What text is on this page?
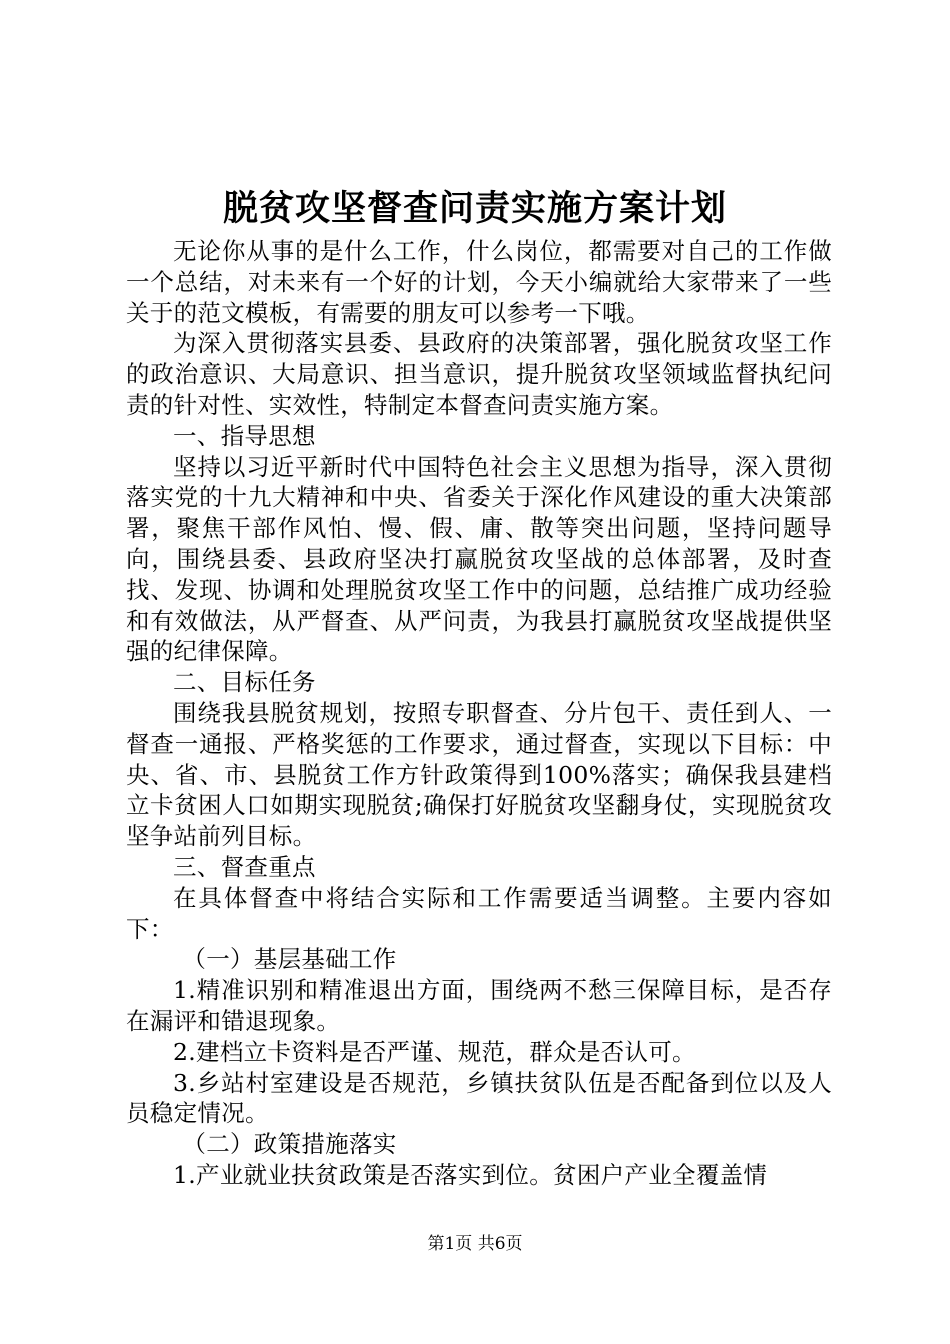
脱贫攻坚督查问责实施方案计划

无论你从事的是什么工作，什么岗位，都需要对自己的工作做一个总结，对未来有一个好的计划，今天小编就给大家带来了一些关于的范文模板，有需要的朋友可以参考一下哦。

为深入贯彻落实县委、县政府的决策部署，强化脱贫攻坚工作的政治意识、大局意识、担当意识，提升脱贫攻坚领域监督执纪问责的针对性、实效性，特制定本督查问责实施方案。

一、指导思想

坚持以习近平新时代中国特色社会主义思想为指导，深入贯彻落实党的十九大精神和中央、省委关于深化作风建设的重大决策部署，聚焦干部作风怕、慢、假、庸、散等突出问题，坚持问题导向，围绕县委、县政府坚决打赢脱贫攻坚战的总体部署，及时查找、发现、协调和处理脱贫攻坚工作中的问题，总结推广成功经验和有效做法，从严督查、从严问责，为我县打赢脱贫攻坚战提供坚强的纪律保障。

二、目标任务

围绕我县脱贫规划，按照专职督查、分片包干、责任到人、一督查一通报、严格奖惩的工作要求，通过督查，实现以下目标：中央、省、市、县脱贫工作方针政策得到100%落实；确保我县建档立卡贫困人口如期实现脱贫;确保打好脱贫攻坚翻身仗，实现脱贫攻坚争站前列目标。

三、督查重点

在具体督查中将结合实际和工作需要适当调整。主要内容如下：

（一）基层基础工作

1.精准识别和精准退出方面，围绕两不愁三保障目标，是否存在漏评和错退现象。

2.建档立卡资料是否严谨、规范，群众是否认可。

3.乡站村室建设是否规范，乡镇扶贫队伍是否配备到位以及人员稳定情况。

（二）政策措施落实

1.产业就业扶贫政策是否落实到位。贫困户产业全覆盖情

第1页 共6页
